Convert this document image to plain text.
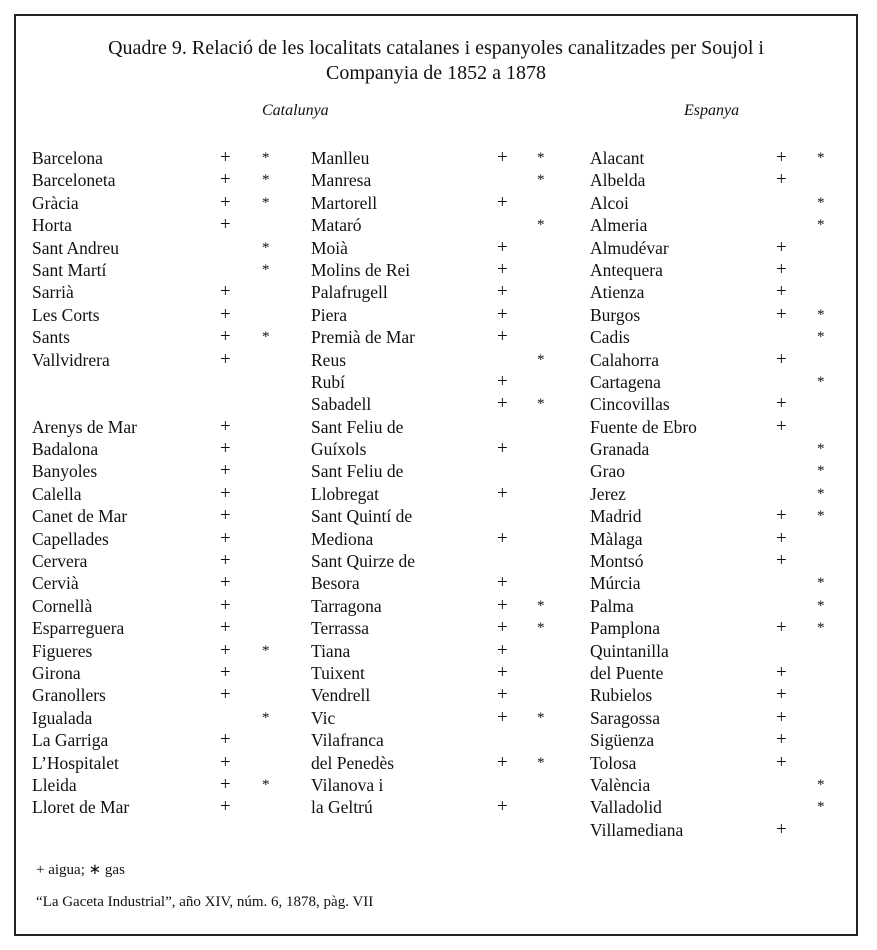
Quadre 9. Relació de les localitats catalanes i espanyoles canalitzades per Soujol i
Companyia de 1852 a 1878
Catalunya	Espanya
Barcelona	+ *
Barceloneta	+ *
Gràcia	+ *
Horta	+
Sant Andreu	*
Sant Martí	*
Sarrià	+
Les Corts	+
Sants	+ *
Vallvidrera	+
Arenys de Mar	+
Badalona	+
Banyoles	+
Calella	+
Canet de Mar	+
Capellades	+
Cervera	+
Cervià	+
Cornellà	+
Esparreguera	+
Figueres	+ *
Girona	+
Granollers	+
Igualada	*
La Garriga	+
L’Hospitalet	+
Lleida	+ *
Lloret de Mar	+
Manlleu	+ *
Manresa	*
Martorell	+
Mataró	*
Moià	+
Molins de Rei	+
Palafrugell	+
Piera	+
Premià de Mar	+
Reus	*
Rubí	+
Sabadell	+ *
Sant Feliu de
Guíxols	+
Sant Feliu de
Llobregat	+
Sant Quintí de
Mediona	+
Sant Quirze de
Besora	+
Tarragona	+ *
Terrassa	+ *
Tiana	+
Tuixent	+
Vendrell	+
Vic	+ *
Vilafranca
del Penedès	+ *
Vilanova i
la Geltrú	+
Alacant	+ *
Albelda	+
Alcoi	*
Almeria	*
Almudévar	+
Antequera	+
Atienza	+
Burgos	+ *
Cadis	*
Calahorra	+
Cartagena	*
Cincovillas	+
Fuente de Ebro	+
Granada	*
Grao	*
Jerez	*
Madrid	+ *
Màlaga	+
Montsó	+
Múrcia	*
Palma	*
Pamplona	+ *
Quintanilla
del Puente	+
Rubielos	+
Saragossa	+
Sigüenza	+
Tolosa	+
València	*
Valladolid	*
Villamediana	+
+ aigua; ∗ gas
“La Gaceta Industrial”, año XIV, núm. 6, 1878, pàg. VII
